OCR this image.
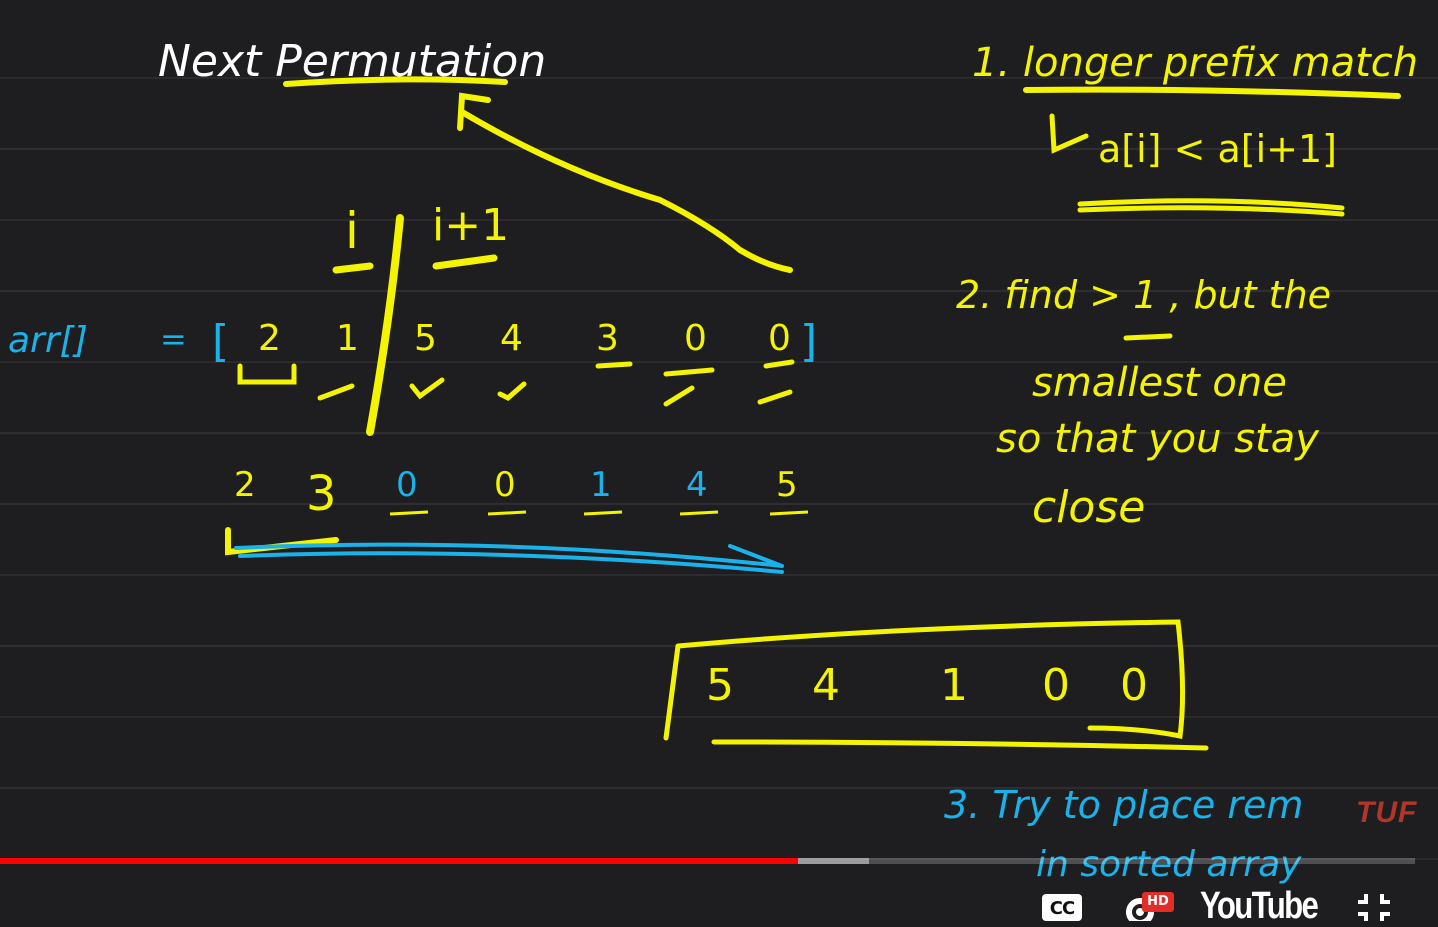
Next Permutation
i i+1
arr[] = [	]
2 1 5 4 3 0 0
2 3 0 0 1 4 5
5 4 1 0 0
1. longer prefix match
a[i] < a[i+1]
2. find > 1 , but the
smallest one
so that you stay
close
3. Try to place rem
in sorted array
TUF
CC	HD YouTube
